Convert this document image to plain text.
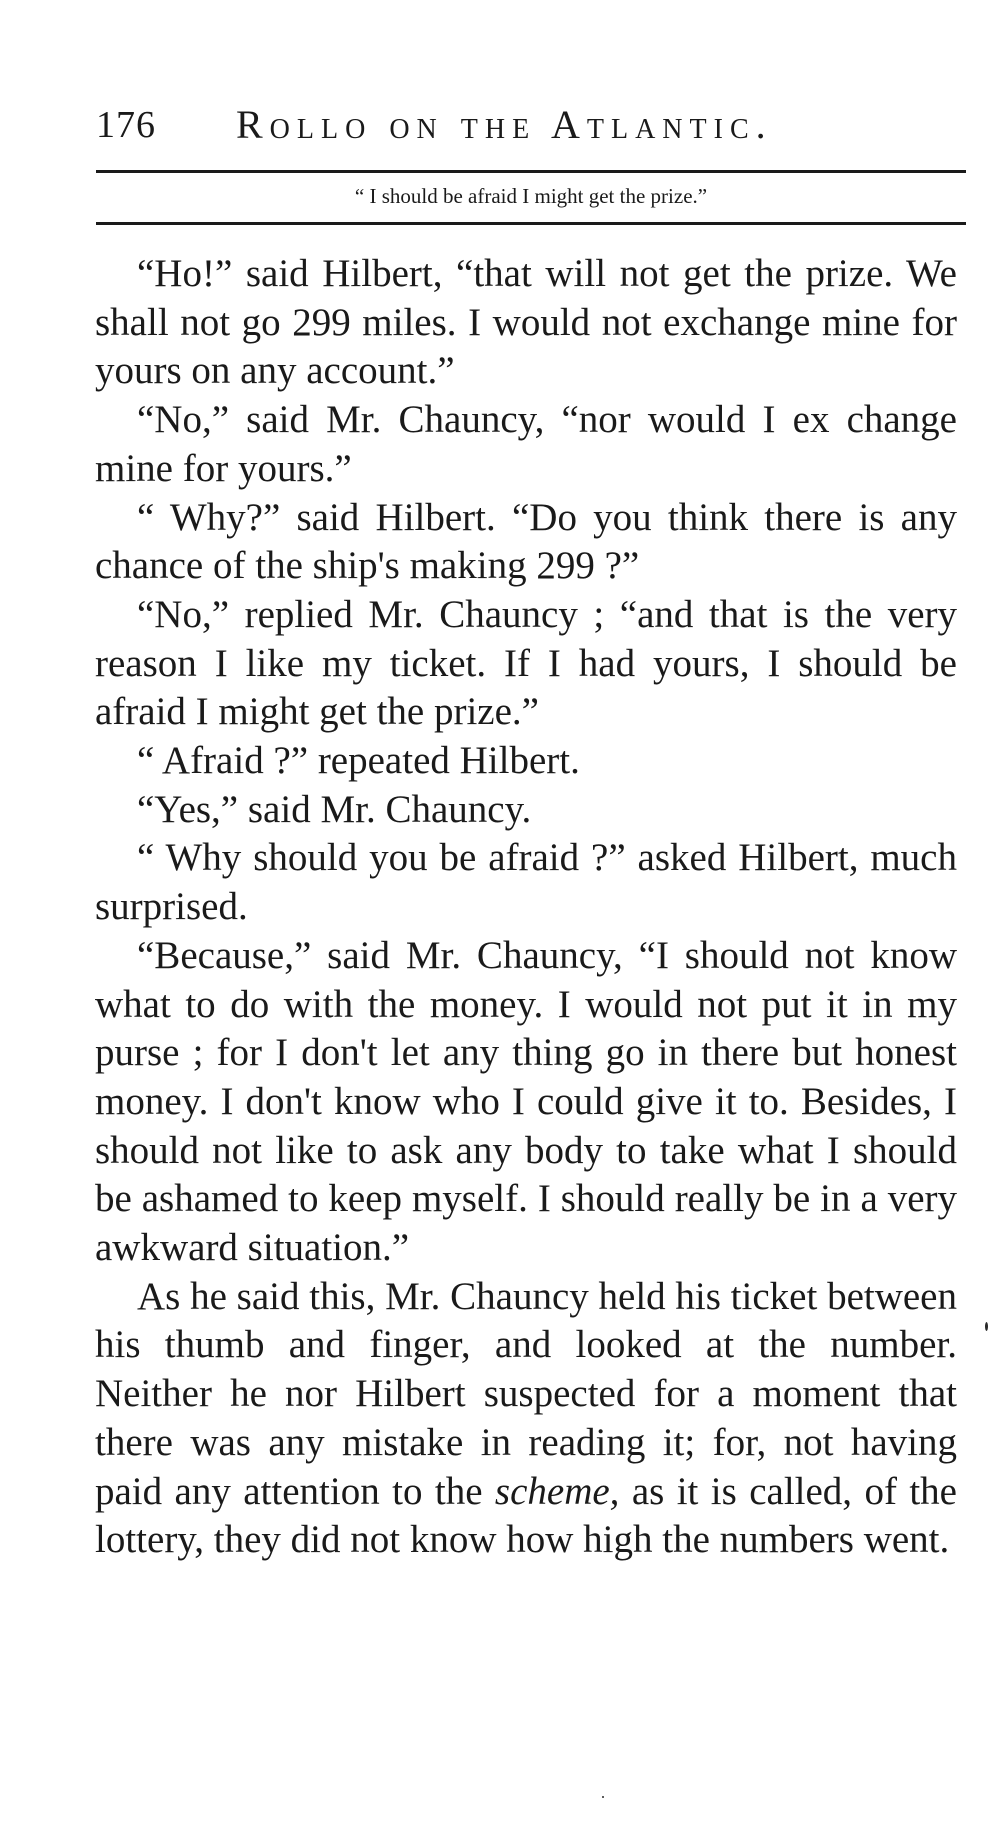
176 Rollo on the Atlantic.
“ I should be afraid I might get the prize.”

“Ho!” said Hilbert, “that will not get the prize. We shall not go 299 miles. I would not exchange mine for yours on any account.”

“No,” said Mr. Chauncy, “nor would I ex change mine for yours.”

“ Why?” said Hilbert. “Do you think there is any chance of the ship's making 299 ?”

“No,” replied Mr. Chauncy ; “and that is the very reason I like my ticket. If I had yours, I should be afraid I might get the prize.”

“ Afraid ?” repeated Hilbert.

“Yes,” said Mr. Chauncy.

“ Why should you be afraid ?” asked Hilbert, much surprised.

“Because,” said Mr. Chauncy, “I should not know what to do with the money. I would not put it in my purse ; for I don't let any thing go in there but honest money. I don't know who I could give it to. Besides, I should not like to ask any body to take what I should be ashamed to keep myself. I should really be in a very awkward situation.”

As he said this, Mr. Chauncy held his ticket between his thumb and finger, and looked at the number. Neither he nor Hilbert suspected for a moment that there was any mistake in reading it; for, not having paid any attention to the scheme, as it is called, of the lottery, they did not know how high the numbers went.
